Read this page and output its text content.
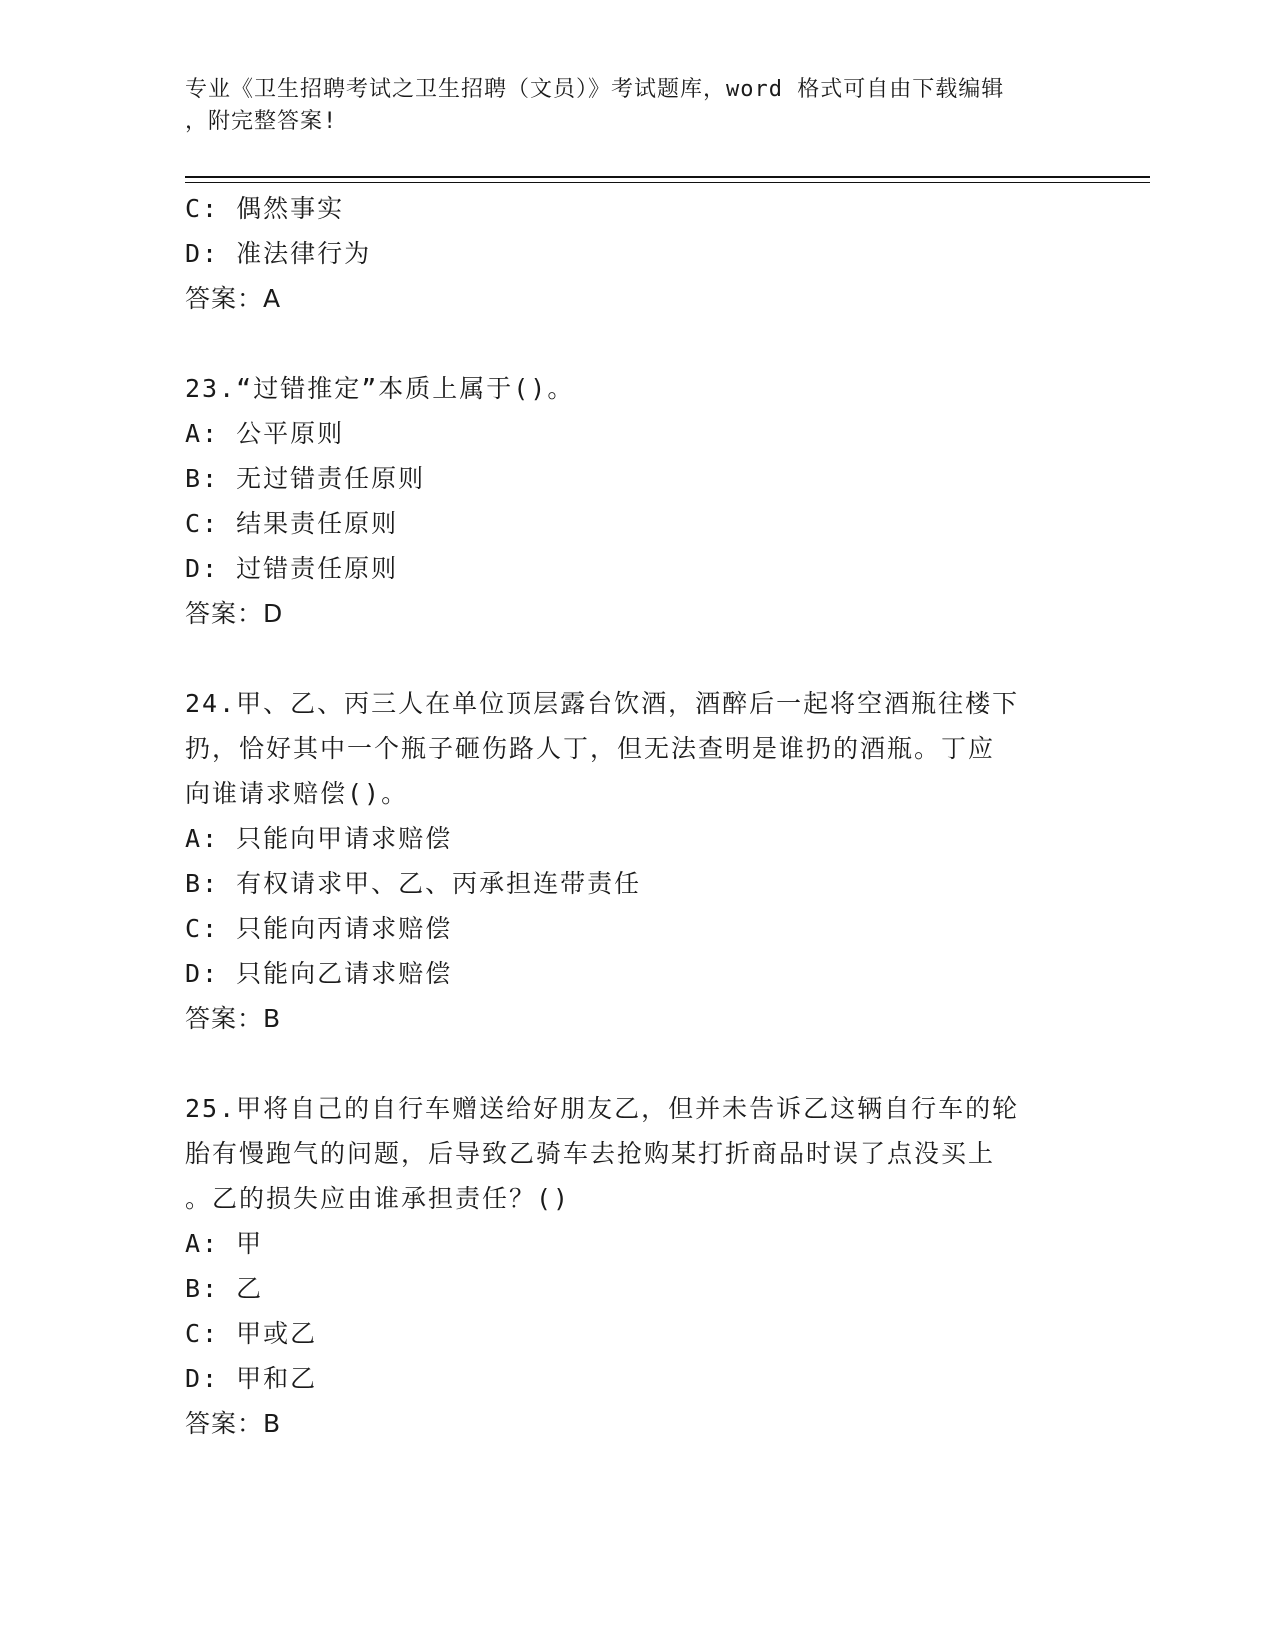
专业《卫生招聘考试之卫生招聘（文员）》考试题库，word 格式可自由下载编辑
，附完整答案!
C: 偶然事实
D: 准法律行为
答案：A
23.“过错推定”本质上属于()。
A: 公平原则
B: 无过错责任原则
C: 结果责任原则
D: 过错责任原则
答案：D
24.甲、乙、丙三人在单位顶层露台饮酒，酒醉后一起将空酒瓶往楼下
扔，恰好其中一个瓶子砸伤路人丁，但无法查明是谁扔的酒瓶。丁应
向谁请求赔偿()。
A: 只能向甲请求赔偿
B: 有权请求甲、乙、丙承担连带责任
C: 只能向丙请求赔偿
D: 只能向乙请求赔偿
答案：B
25.甲将自己的自行车赠送给好朋友乙，但并未告诉乙这辆自行车的轮
胎有慢跑气的问题，后导致乙骑车去抢购某打折商品时误了点没买上
。乙的损失应由谁承担责任？()
A: 甲
B: 乙
C: 甲或乙
D: 甲和乙
答案：B
